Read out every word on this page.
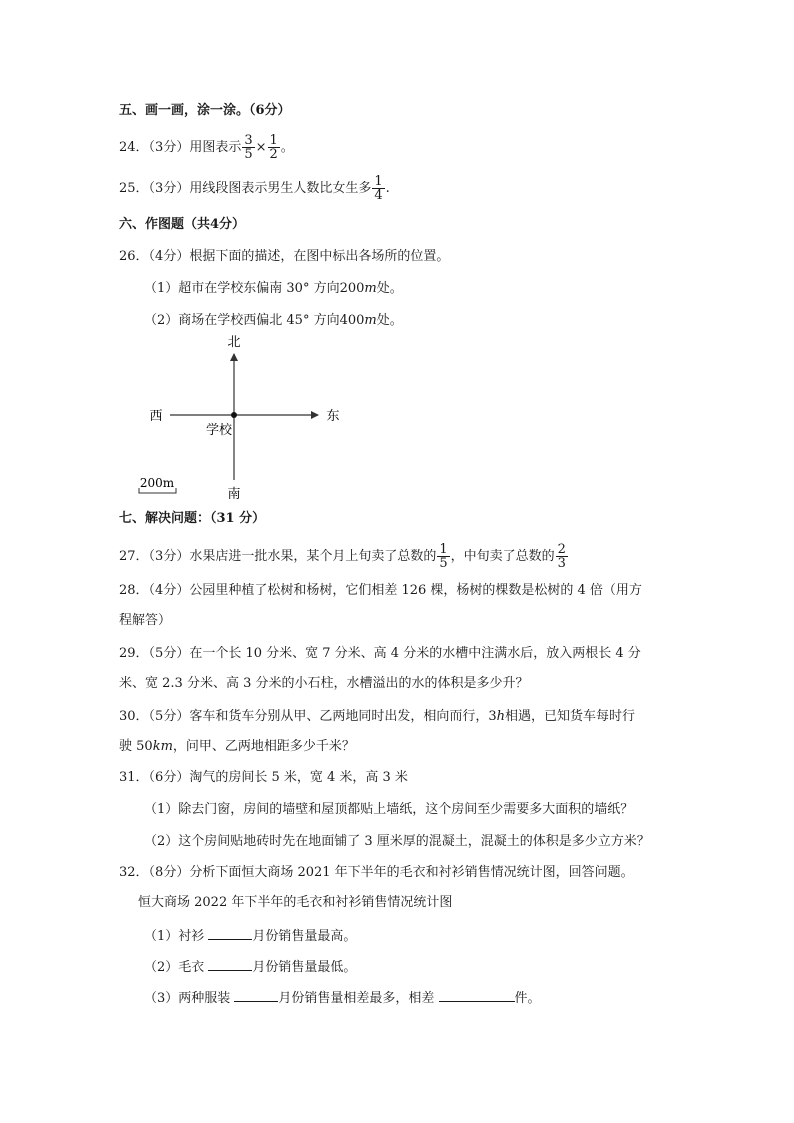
五、画一画，涂一涂。（6分）
24．（3分）用图表示 $\frac{3}{5} \times \frac{1}{2}$ 。
25．（3分）用线段图表示男生人数比女生多 $\frac{1}{4}$ .
六、作图题（共4分）
26．（4分）根据下面的描述，在图中标出各场所的位置。
（1）超市在学校东偏南 30° 方向200m处。
（2）商场在学校西偏北 45° 方向400m处。
北
南
西	东
学校
200m
七、解决问题：（31 分）
27．（3分）水果店进一批水果，某个月上旬卖了总数的 $\frac{1}{5}$ ，中旬卖了总数的 $\frac{2}{3}$
28．（4分）公园里种植了松树和杨树，它们相差 126 棵，杨树的棵数是松树的 4 倍（用方
程解答）
29．（5分）在一个长 10 分米、宽 7 分米、高 4 分米的水槽中注满水后，放入两根长 4 分
米、宽 2.3 分米、高 3 分米的小石柱，水槽溢出的水的体积是多少升？
30．（5分）客车和货车分别从甲、乙两地同时出发，相向而行，3h相遇，已知货车每时行
驶 50km，问甲、乙两地相距多少千米？
31．（6分）淘气的房间长 5 米，宽 4 米，高 3 米
（1）除去门窗，房间的墙壁和屋顶都贴上墙纸，这个房间至少需要多大面积的墙纸？
（2）这个房间贴地砖时先在地面铺了 3 厘米厚的混凝土，混凝土的体积是多少立方米？
32．（8分）分析下面恒大商场 2021 年下半年的毛衣和衬衫销售情况统计图，回答问题。
恒大商场 2022 年下半年的毛衣和衬衫销售情况统计图
（1）衬衫	月份销售量最高。
（2）毛衣	月份销售量最低。
（3）两种服装	月份销售量相差最多，相差	件。
